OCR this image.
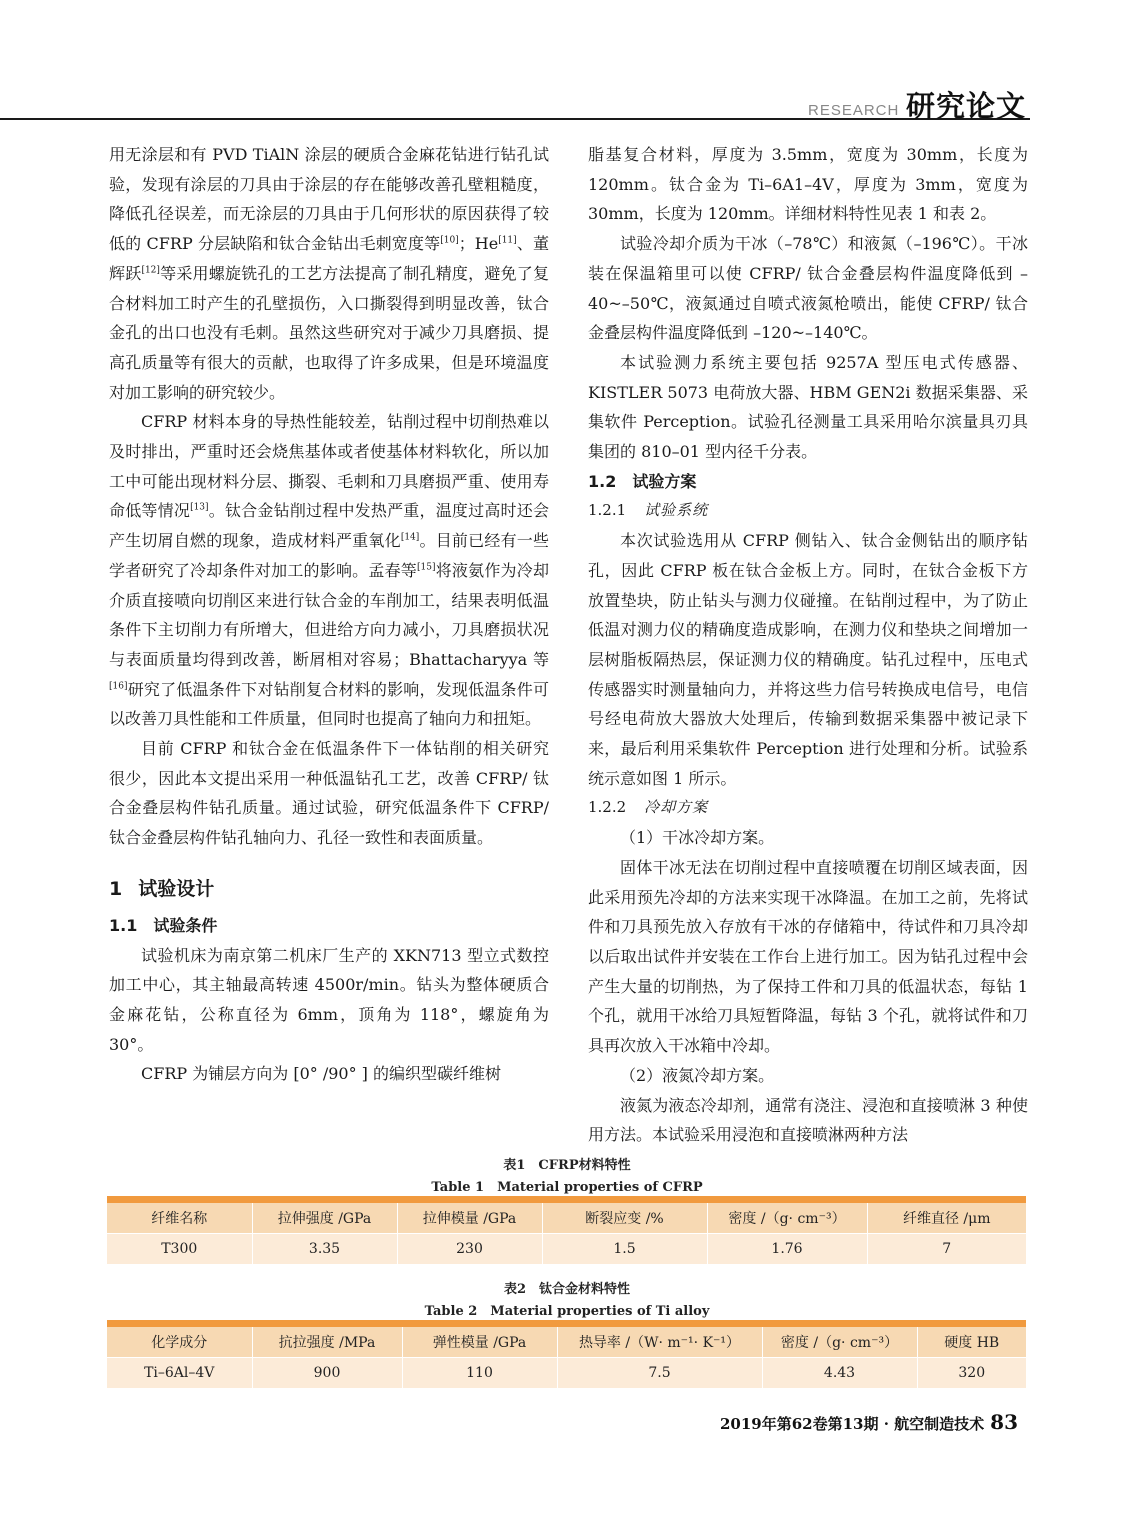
RESEARCH 研究论文

用无涂层和有 PVD TiAlN 涂层的硬质合金麻花钻进行钻孔试验，发现有涂层的刀具由于涂层的存在能够改善孔壁粗糙度，降低孔径误差，而无涂层的刀具由于几何形状的原因获得了较低的 CFRP 分层缺陷和钛合金钻出毛刺宽度等[10]；He[11]、董辉跃[12]等采用螺旋铣孔的工艺方法提高了制孔精度，避免了复合材料加工时产生的孔壁损伤，入口撕裂得到明显改善，钛合金孔的出口也没有毛刺。虽然这些研究对于减少刀具磨损、提高孔质量等有很大的贡献，也取得了许多成果，但是环境温度对加工影响的研究较少。

CFRP 材料本身的导热性能较差，钻削过程中切削热难以及时排出，严重时还会烧焦基体或者使基体材料软化，所以加工中可能出现材料分层、撕裂、毛刺和刀具磨损严重、使用寿命低等情况[13]。钛合金钻削过程中发热严重，温度过高时还会产生切屑自燃的现象，造成材料严重氧化[14]。目前已经有一些学者研究了冷却条件对加工的影响。孟春等[15]将液氨作为冷却介质直接喷向切削区来进行钛合金的车削加工，结果表明低温条件下主切削力有所增大，但进给方向力减小，刀具磨损状况与表面质量均得到改善，断屑相对容易；Bhattacharyya 等[16]研究了低温条件下对钻削复合材料的影响，发现低温条件可以改善刀具性能和工件质量，但同时也提高了轴向力和扭矩。

目前 CFRP 和钛合金在低温条件下一体钻削的相关研究很少，因此本文提出采用一种低温钻孔工艺，改善 CFRP/ 钛合金叠层构件钻孔质量。通过试验，研究低温条件下 CFRP/ 钛合金叠层构件钻孔轴向力、孔径一致性和表面质量。

1 试验设计

1.1 试验条件

试验机床为南京第二机床厂生产的 XKN713 型立式数控加工中心，其主轴最高转速 4500r/min。钻头为整体硬质合金麻花钻，公称直径为 6mm，顶角为 118°，螺旋角为 30°。

CFRP 为铺层方向为 [0° /90° ] 的编织型碳纤维树

脂基复合材料，厚度为 3.5mm，宽度为 30mm，长度为 120mm。钛合金为 Ti–6A1–4V，厚度为 3mm，宽度为 30mm，长度为 120mm。详细材料特性见表 1 和表 2。

试验冷却介质为干冰（–78℃）和液氮（–196℃）。干冰装在保温箱里可以使 CFRP/ 钛合金叠层构件温度降低到 –40~–50℃，液氮通过自喷式液氮枪喷出，能使 CFRP/ 钛合金叠层构件温度降低到 –120~–140℃。

本试验测力系统主要包括 9257A 型压电式传感器、KISTLER 5073 电荷放大器、HBM GEN2i 数据采集器、采集软件 Perception。试验孔径测量工具采用哈尔滨量具刃具集团的 810–01 型内径千分表。

1.2 试验方案

1.2.1 试验系统

本次试验选用从 CFRP 侧钻入、钛合金侧钻出的顺序钻孔，因此 CFRP 板在钛合金板上方。同时，在钛合金板下方放置垫块，防止钻头与测力仪碰撞。在钻削过程中，为了防止低温对测力仪的精确度造成影响，在测力仪和垫块之间增加一层树脂板隔热层，保证测力仪的精确度。钻孔过程中，压电式传感器实时测量轴向力，并将这些力信号转换成电信号，电信号经电荷放大器放大处理后，传输到数据采集器中被记录下来，最后利用采集软件 Perception 进行处理和分析。试验系统示意如图 1 所示。

1.2.2 冷却方案

（1）干冰冷却方案。

固体干冰无法在切削过程中直接喷覆在切削区域表面，因此采用预先冷却的方法来实现干冰降温。在加工之前，先将试件和刀具预先放入存放有干冰的存储箱中，待试件和刀具冷却以后取出试件并安装在工作台上进行加工。因为钻孔过程中会产生大量的切削热，为了保持工件和刀具的低温状态，每钻 1 个孔，就用干冰给刀具短暂降温，每钻 3 个孔，就将试件和刀具再次放入干冰箱中冷却。

（2）液氮冷却方案。

液氮为液态冷却剂，通常有浇注、浸泡和直接喷淋 3 种使用方法。本试验采用浸泡和直接喷淋两种方法

表1　CFRP材料特性
Table 1　Material properties of CFRP
纤维名称	拉伸强度 /GPa	拉伸模量 /GPa	断裂应变 /%	密度 /（g· cm⁻³）	纤维直径 /μm
T300	3.35	230	1.5	1.76	7
表2　钛合金材料特性
Table 2　Material properties of Ti alloy
化学成分	抗拉强度 /MPa	弹性模量 /GPa	热导率 /（W· m⁻¹· K⁻¹）	密度 /（g· cm⁻³）	硬度 HB
Ti–6Al–4V	900	110	7.5	4.43	320
2019年第62卷第13期 · 航空制造技术 83
